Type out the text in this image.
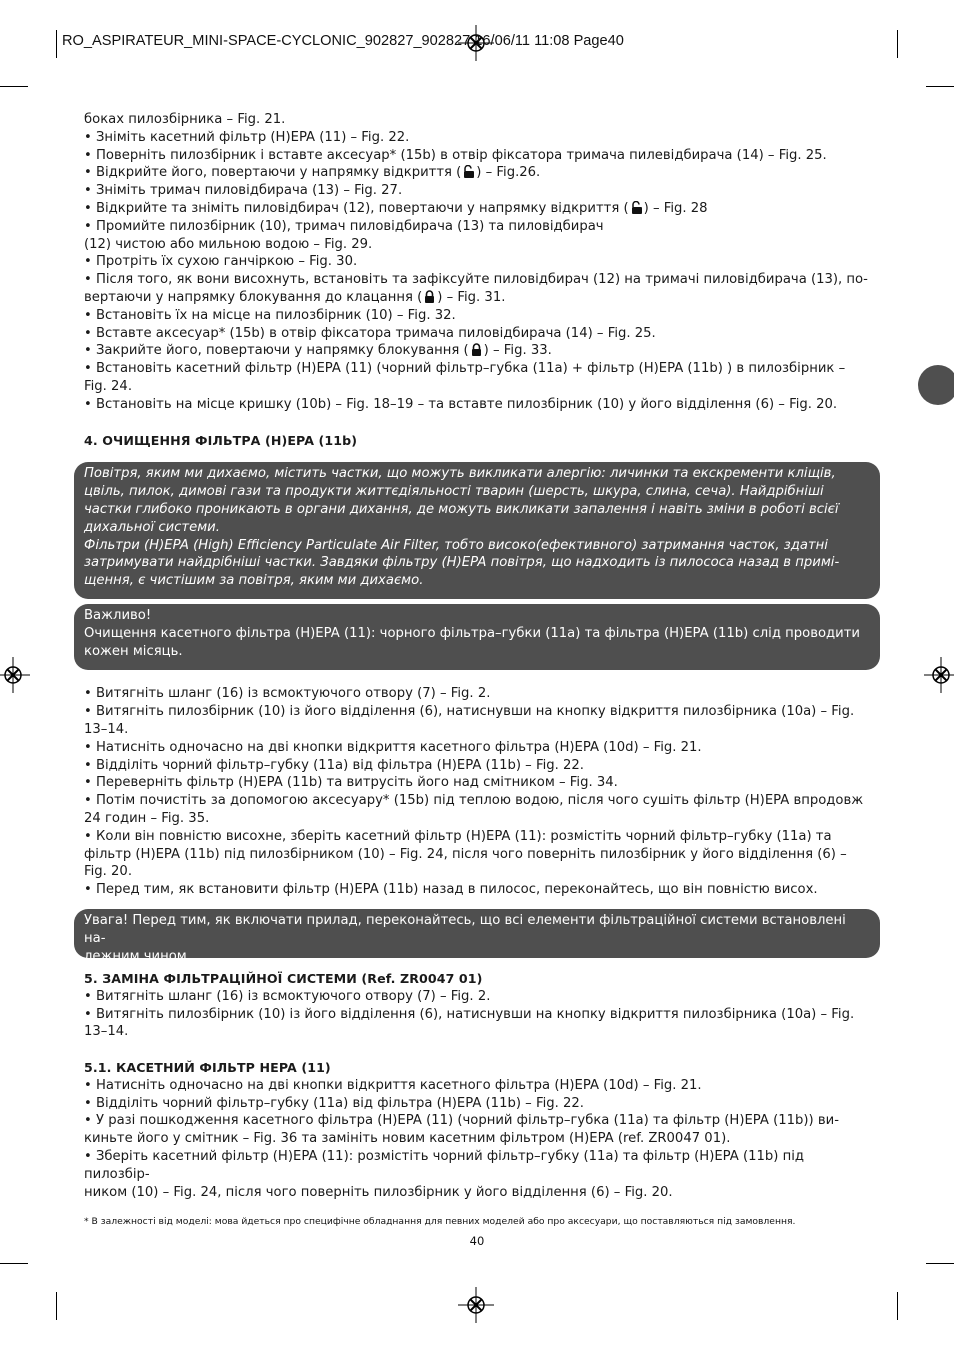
RO_ASPIRATEUR_MINI-SPACE-CYCLONIC_902827_902827 16/06/11 11:08 Page40

боках пилозбірника – Fig. 21.

• Зніміть касетний фільтр (H)EPA (11) – Fig. 22.

• Поверніть пилозбірник і вставте аксесуар* (15b) в отвір фіксатора тримача пилевідбирача (14) – Fig. 25.

• Відкрийте його, повертаючи у напрямку відкриття ( ) – Fig.26.

• Зніміть тримач пиловідбирача (13) – Fig. 27.

• Відкрийте та зніміть пиловідбирач (12), повертаючи у напрямку відкриття ( ) – Fig. 28

• Промийте пилозбірник (10), тримач пиловідбирача (13) та пиловідбирач

(12) чистою або мильною водою – Fig. 29.

• Протріть їх сухою ганчіркою – Fig. 30.

• Після того, як вони висохнуть, встановіть та зафіксуйте пиловідбирач (12) на тримачі пиловідбирача (13), по-

вертаючи у напрямку блокування до клацання ( ) – Fig. 31.

• Встановіть їх на місце на пилозбірник (10) – Fig. 32.

• Вставте аксесуар* (15b) в отвір фіксатора тримача пиловідбирача (14) – Fig. 25.

• Закрийте його, повертаючи у напрямку блокування ( ) – Fig. 33.

• Встановіть касетний фільтр (H)EPA (11) (чорний фільтр–губка (11a) + фільтр (H)EPA (11b) ) в пилозбірник –

Fig. 24.

• Встановіть на місце кришку (10b) – Fig. 18–19 – та вставте пилозбірник (10) у його відділення (6) – Fig. 20.

4. ОЧИЩЕННЯ ФІЛЬТРА (H)EPA (11b)

Повітря, яким ми дихаємо, містить частки, що можуть викликати алергію: личинки та екскременти кліщів,

цвіль, пилок, димові гази та продукти життєдіяльності тварин (шерсть, шкура, слина, сеча). Найдрібніші

частки глибоко проникають в органи дихання, де можуть викликати запалення і навіть зміни в роботі всієї

дихальної системи.

Фільтри (H)EPA (High) Efficiency Particulate Air Filter, тобто високо(ефективного) затримання часток, здатні

затримувати найдрібніші частки. Завдяки фільтру (H)EPA повітря, що надходить із пилососа назад в примі-

щення, є чистішим за повітря, яким ми дихаємо.

Важливо!

Очищення касетного фільтра (H)EPA (11): чорного фільтра–губки (11a) та фільтра (H)EPA (11b) слід проводити

кожен місяць.

• Витягніть шланг (16) із всмоктуючого отвору (7) – Fig. 2.

• Витягніть пилозбірник (10) із його відділення (6), натиснувши на кнопку відкриття пилозбірника (10a) – Fig.

13–14.

• Натисніть одночасно на дві кнопки відкриття касетного фільтра (H)EPA (10d) – Fig. 21.

• Відділіть чорний фільтр–губку (11a) від фільтра (H)EPA (11b) – Fig. 22.

• Переверніть фільтр (H)EPA (11b) та витрусіть його над смітником – Fig. 34.

• Потім почистіть за допомогою аксесуару* (15b) під теплою водою, після чого сушіть фільтр (H)EPA впродовж

24 годин – Fig. 35.

• Коли він повністю висохне, зберіть касетний фільтр (H)EPA (11): розмістіть чорний фільтр–губку (11a) та

фільтр (H)EPA (11b) під пилозбірником (10) – Fig. 24, після чого поверніть пилозбірник у його відділення (6) –

Fig. 20.

• Перед тим, як встановити фільтр (H)EPA (11b) назад в пилосос, переконайтесь, що він повністю висох.

Увага! Перед тим, як включати прилад, переконайтесь, що всі елементи фільтраційної системи встановлені на-

лежним чином.

5. ЗАМІНА ФІЛЬТРАЦІЙНОЇ СИСТЕМИ (Ref. ZR0047 01)

• Витягніть шланг (16) із всмоктуючого отвору (7) – Fig. 2.

• Витягніть пилозбірник (10) із його відділення (6), натиснувши на кнопку відкриття пилозбірника (10a) – Fig.

13–14.

5.1. КАСЕТНИЙ ФІЛЬТР HEPA (11)

• Натисніть одночасно на дві кнопки відкриття касетного фільтра (H)EPA (10d) – Fig. 21.

• Відділіть чорний фільтр–губку (11a) від фільтра (H)EPA (11b) – Fig. 22.

• У разі пошкодження касетного фільтра (H)EPA (11) (чорний фільтр–губка (11a) та фільтр (H)EPA (11b)) ви-

киньте його у смітник – Fig. 36 та замініть новим касетним фільтром (H)EPA (ref. ZR0047 01).

• Зберіть касетний фільтр (H)EPA (11): розмістіть чорний фільтр–губку (11a) та фільтр (H)EPA (11b) під пилозбір-

ником (10) – Fig. 24, після чого поверніть пилозбірник у його відділення (6) – Fig. 20.

* В залежності від моделі: мова йдеться про специфічне обладнання для певних моделей або про аксесуари, що поставляються під замовлення.
40
